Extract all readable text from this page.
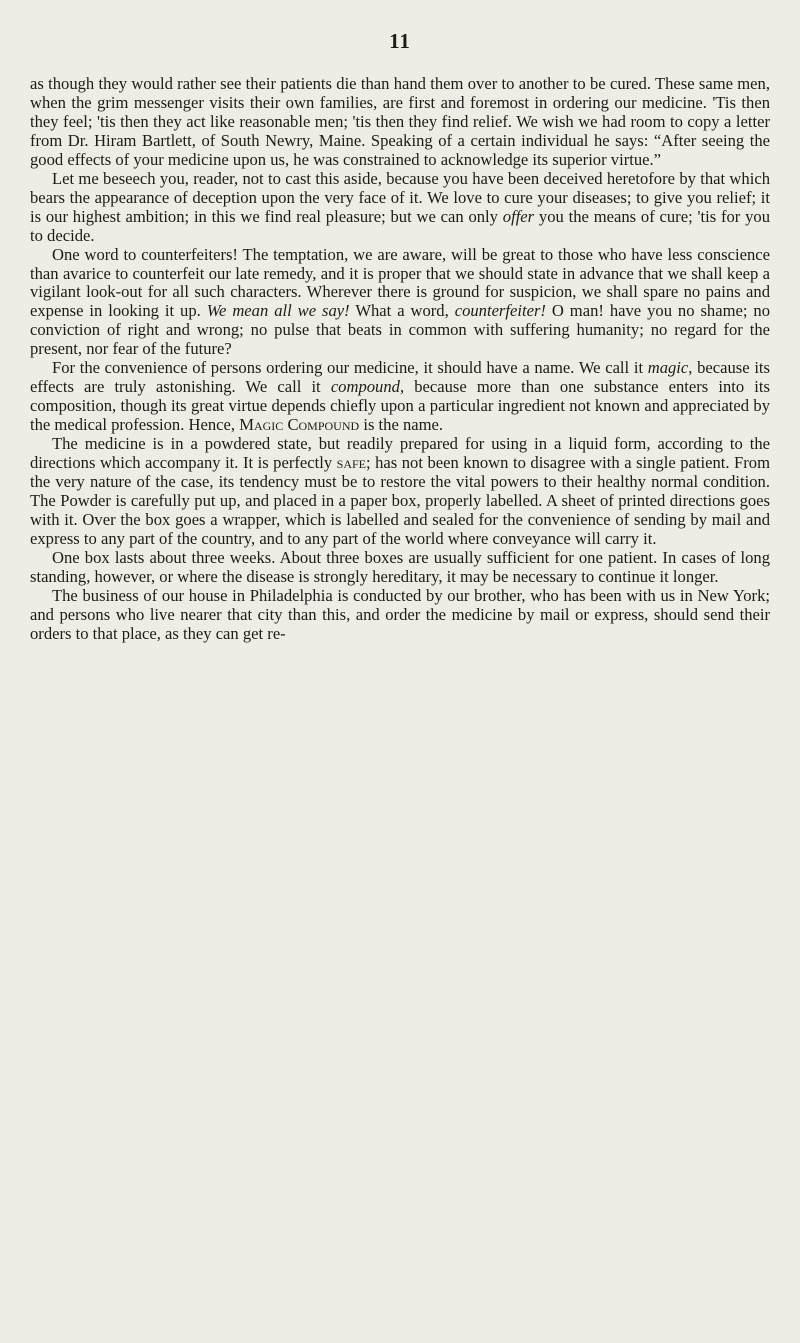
11

as though they would rather see their patients die than hand them over to another to be cured. These same men, when the grim messenger visits their own families, are first and foremost in ordering our medicine. 'Tis then they feel; 'tis then they act like reasonable men; 'tis then they find relief. We wish we had room to copy a letter from Dr. Hiram Bartlett, of South Newry, Maine. Speaking of a certain individual he says: “After seeing the good effects of your medicine upon us, he was constrained to acknowledge its superior virtue.”

Let me beseech you, reader, not to cast this aside, because you have been deceived heretofore by that which bears the appearance of deception upon the very face of it. We love to cure your diseases; to give you relief; it is our highest ambition; in this we find real pleasure; but we can only offer you the means of cure; 'tis for you to decide.

One word to counterfeiters! The temptation, we are aware, will be great to those who have less conscience than avarice to counterfeit our late remedy, and it is proper that we should state in advance that we shall keep a vigilant look-out for all such characters. Wherever there is ground for suspicion, we shall spare no pains and expense in looking it up. We mean all we say! What a word, counterfeiter! O man! have you no shame; no conviction of right and wrong; no pulse that beats in common with suffering humanity; no regard for the present, nor fear of the future?

For the convenience of persons ordering our medicine, it should have a name. We call it magic, because its effects are truly astonishing. We call it compound, because more than one substance enters into its composition, though its great virtue depends chiefly upon a particular ingredient not known and appreciated by the medical profession. Hence, Magic Compound is the name.

The medicine is in a powdered state, but readily prepared for using in a liquid form, according to the directions which accompany it. It is perfectly safe; has not been known to disagree with a single patient. From the very nature of the case, its tendency must be to restore the vital powers to their healthy normal condition. The Powder is carefully put up, and placed in a paper box, properly labelled. A sheet of printed directions goes with it. Over the box goes a wrapper, which is labelled and sealed for the convenience of sending by mail and express to any part of the country, and to any part of the world where conveyance will carry it.

One box lasts about three weeks. About three boxes are usually sufficient for one patient. In cases of long standing, however, or where the disease is strongly hereditary, it may be necessary to continue it longer.

The business of our house in Philadelphia is conducted by our brother, who has been with us in New York; and persons who live nearer that city than this, and order the medicine by mail or express, should send their orders to that place, as they can get re-
